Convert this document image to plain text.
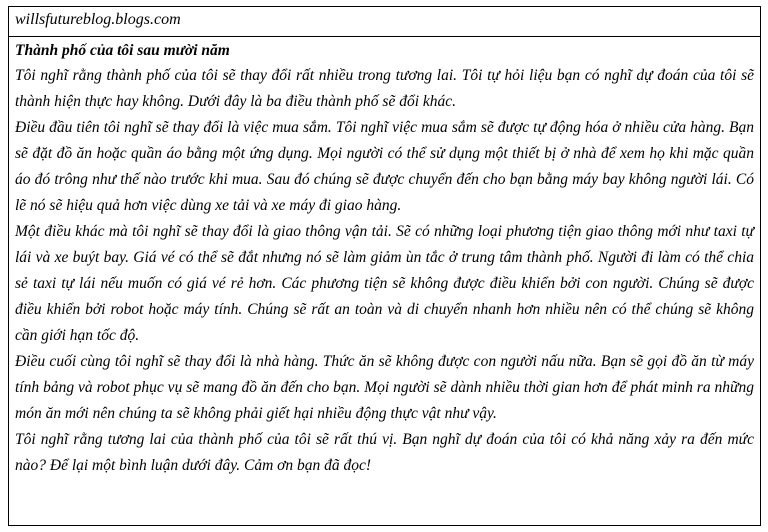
willsfutureblog.blogs.com

Thành phố của tôi sau mười năm

Tôi nghĩ rằng thành phố của tôi sẽ thay đổi rất nhiều trong tương lai. Tôi tự hỏi liệu bạn có nghĩ dự đoán của tôi sẽ thành hiện thực hay không. Dưới đây là ba điều thành phố sẽ đổi khác.

Điều đầu tiên tôi nghĩ sẽ thay đổi là việc mua sắm. Tôi nghĩ việc mua sắm sẽ được tự động hóa ở nhiều cửa hàng. Bạn sẽ đặt đồ ăn hoặc quần áo bằng một ứng dụng. Mọi người có thể sử dụng một thiết bị ở nhà để xem họ khi mặc quần áo đó trông như thế nào trước khi mua. Sau đó chúng sẽ được chuyển đến cho bạn bằng máy bay không người lái. Có lẽ nó sẽ hiệu quả hơn việc dùng xe tải và xe máy đi giao hàng.

Một điều khác mà tôi nghĩ sẽ thay đổi là giao thông vận tải. Sẽ có những loại phương tiện giao thông mới như taxi tự lái và xe buýt bay. Giá vé có thể sẽ đắt nhưng nó sẽ làm giảm ùn tắc ở trung tâm thành phố. Người đi làm có thể chia sẻ taxi tự lái nếu muốn có giá vé rẻ hơn. Các phương tiện sẽ không được điều khiển bởi con người. Chúng sẽ được điều khiển bởi robot hoặc máy tính. Chúng sẽ rất an toàn và di chuyển nhanh hơn nhiều nên có thể chúng sẽ không cần giới hạn tốc độ.

Điều cuối cùng tôi nghĩ sẽ thay đổi là nhà hàng. Thức ăn sẽ không được con người nấu nữa. Bạn sẽ gọi đồ ăn từ máy tính bảng và robot phục vụ sẽ mang đồ ăn đến cho bạn. Mọi người sẽ dành nhiều thời gian hơn để phát minh ra những món ăn mới nên chúng ta sẽ không phải giết hại nhiều động thực vật như vậy.

Tôi nghĩ rằng tương lai của thành phố của tôi sẽ rất thú vị. Bạn nghĩ dự đoán của tôi có khả năng xảy ra đến mức nào? Để lại một bình luận dưới đây. Cảm ơn bạn đã đọc!
